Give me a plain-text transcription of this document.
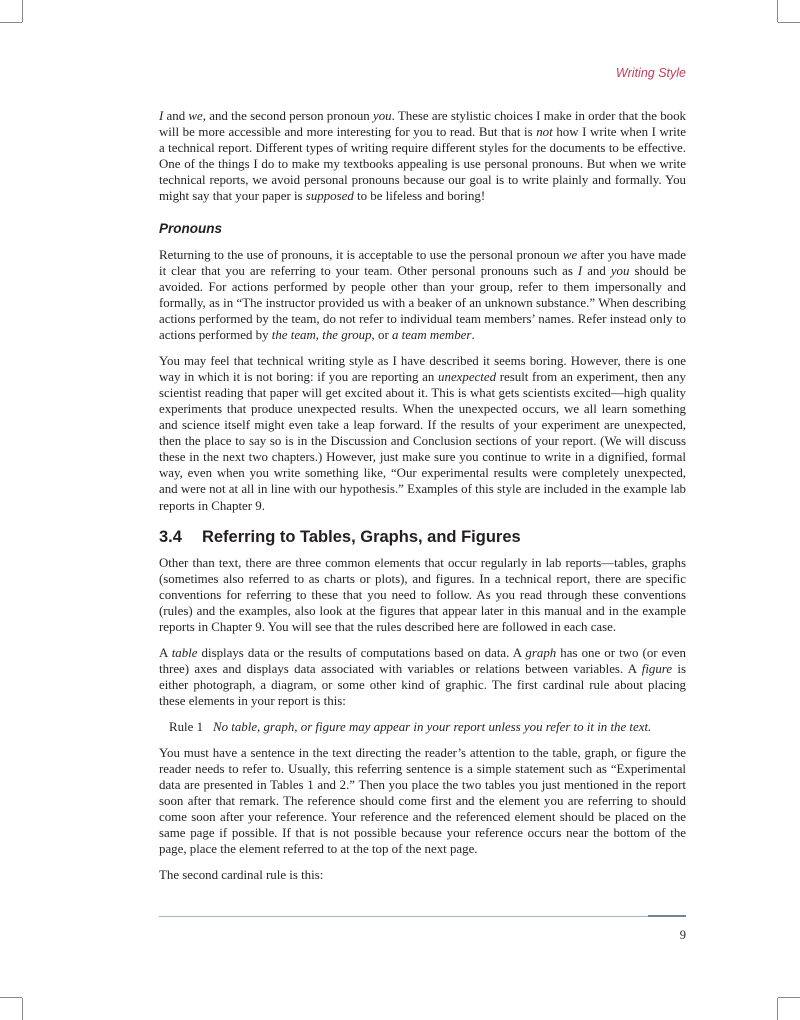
Writing Style

I and we, and the second person pronoun you. These are stylistic choices I make in order that the book will be more accessible and more interesting for you to read. But that is not how I write when I write a technical report. Different types of writing require different styles for the documents to be effective. One of the things I do to make my textbooks appealing is use personal pronouns. But when we write technical reports, we avoid personal pronouns because our goal is to write plainly and formally. You might say that your paper is supposed to be lifeless and boring!

Pronouns

Returning to the use of pronouns, it is acceptable to use the personal pronoun we after you have made it clear that you are referring to your team. Other personal pronouns such as I and you should be avoided. For actions performed by people other than your group, refer to them impersonally and formally, as in “The instructor provided us with a beaker of an unknown substance.” When describing actions performed by the team, do not refer to individual team members’ names. Refer instead only to actions performed by the team, the group, or a team member.

You may feel that technical writing style as I have described it seems boring. However, there is one way in which it is not boring: if you are reporting an unexpected result from an experiment, then any scientist reading that paper will get excited about it. This is what gets scientists excited—high quality experiments that produce unexpected results. When the unexpected occurs, we all learn something and science itself might even take a leap forward. If the results of your experiment are unexpected, then the place to say so is in the Discussion and Conclusion sections of your report. (We will discuss these in the next two chapters.) However, just make sure you continue to write in a dignified, formal way, even when you write something like, “Our experimental results were completely unexpected, and were not at all in line with our hypothesis.” Examples of this style are included in the example lab reports in Chapter 9.

3.4 Referring to Tables, Graphs, and Figures

Other than text, there are three common elements that occur regularly in lab reports—tables, graphs (sometimes also referred to as charts or plots), and figures. In a technical report, there are specific conventions for referring to these that you need to follow. As you read through these conventions (rules) and the examples, also look at the figures that appear later in this manual and in the example reports in Chapter 9. You will see that the rules described here are followed in each case.

A table displays data or the results of computations based on data. A graph has one or two (or even three) axes and displays data associated with variables or relations between variables. A figure is either photograph, a diagram, or some other kind of graphic. The first cardinal rule about placing these elements in your report is this:

Rule 1 No table, graph, or figure may appear in your report unless you refer to it in the text.

You must have a sentence in the text directing the reader’s attention to the table, graph, or figure the reader needs to refer to. Usually, this referring sentence is a simple statement such as “Experimental data are presented in Tables 1 and 2.” Then you place the two tables you just mentioned in the report soon after that remark. The reference should come first and the element you are referring to should come soon after your reference. Your reference and the referenced element should be placed on the same page if possible. If that is not possible because your reference occurs near the bottom of the page, place the element referred to at the top of the next page.

The second cardinal rule is this:

9
